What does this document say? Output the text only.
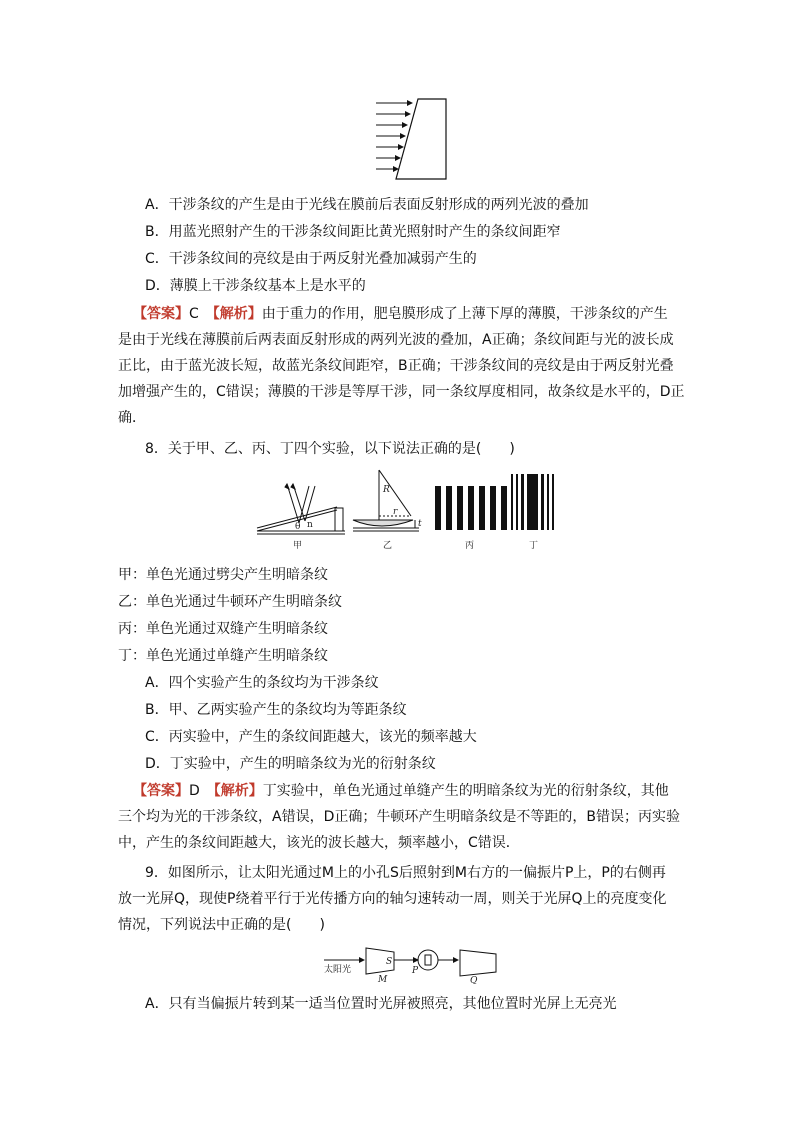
A．干涉条纹的产生是由于光线在膜前后表面反射形成的两列光波的叠加
B．用蓝光照射产生的干涉条纹间距比黄光照射时产生的条纹间距窄
C．干涉条纹间的亮纹是由于两反射光叠加减弱产生的
D．薄膜上干涉条纹基本上是水平的
【答案】C　 【解析】由于重力的作用，肥皂膜形成了上薄下厚的薄膜，干涉条纹的产生
是由于光线在薄膜前后两表面反射形成的两列光波的叠加，A正确；条纹间距与光的波长成
正比，由于蓝光波长短，故蓝光条纹间距窄，B正确；干涉条纹间的亮纹是由于两反射光叠
加增强产生的，C错误；薄膜的干涉是等厚干涉，同一条纹厚度相同，故条纹是水平的，D正
确．
8．关于甲、乙、丙、丁四个实验，以下说法正确的是(　　)
θ n
甲
R
r
t
乙	丙	丁
甲：单色光通过劈尖产生明暗条纹
乙：单色光通过牛顿环产生明暗条纹
丙：单色光通过双缝产生明暗条纹
丁：单色光通过单缝产生明暗条纹
A．四个实验产生的条纹均为干涉条纹
B．甲、乙两实验产生的条纹均为等距条纹
C．丙实验中，产生的条纹间距越大，该光的频率越大
D．丁实验中，产生的明暗条纹为光的衍射条纹
【答案】D　 【解析】丁实验中，单色光通过单缝产生的明暗条纹为光的衍射条纹，其他
三个均为光的干涉条纹，A错误，D正确；牛顿环产生明暗条纹是不等距的，B错误；丙实验
中，产生的条纹间距越大，该光的波长越大，频率越小，C错误．
9．如图所示，让太阳光通过M上的小孔S后照射到M右方的一偏振片P上，P的右侧再
放一光屏Q，现使P绕着平行于光传播方向的轴匀速转动一周，则关于光屏Q上的亮度变化
情况，下列说法中正确的是(　　)
太阳光
S
M
P
Q
A．只有当偏振片转到某一适当位置时光屏被照亮，其他位置时光屏上无亮光
